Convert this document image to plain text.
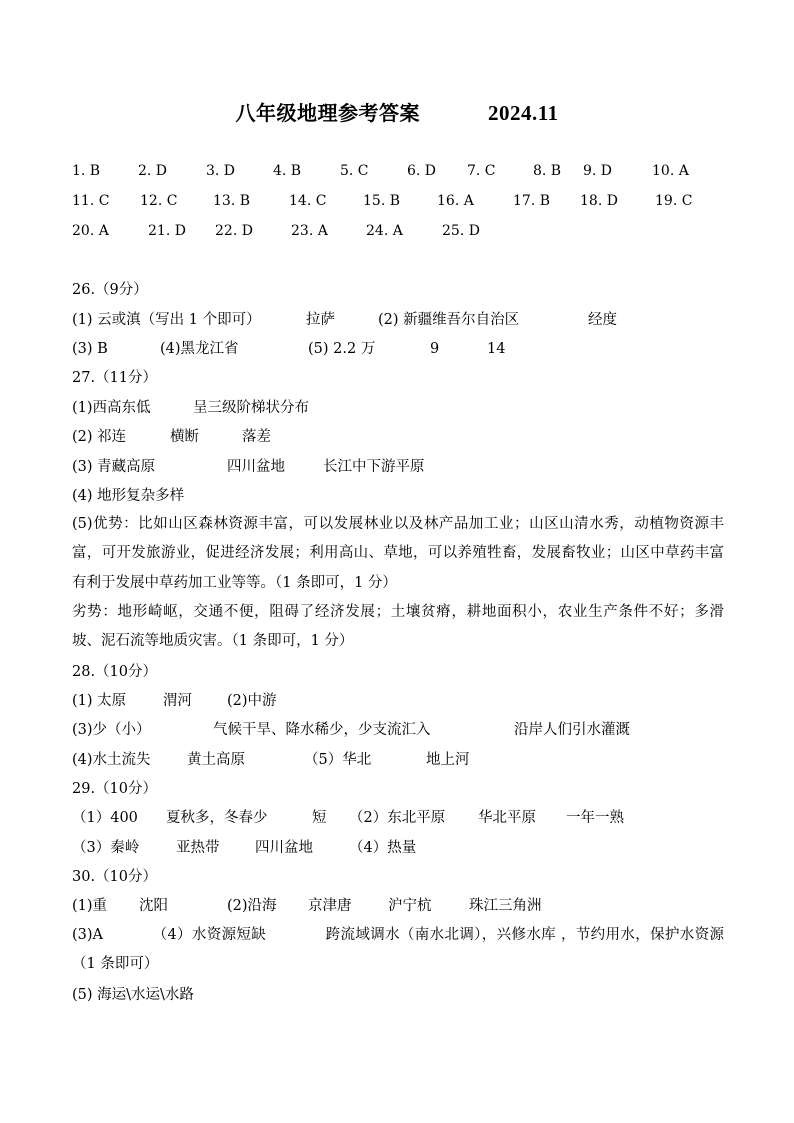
八年级地理参考答案	2024.11
1. B	2. D	3. D	4. B	5. C	6. D 7. C	8. B 9. D	10. A
11. C 12. C	13. B	14. C	15. B	16. A	17. B 18. D	19. C
20. A	21. D 22. D	23. A	24. A	25. D
26.（9分）
(1) 云或滇（写出 1 个即可）	拉萨	(2) 新疆维吾尔自治区	经度
(3) B	(4)黑龙江省	(5) 2.2 万	9	14
27.（11分）
(1)西高东低	呈三级阶梯状分布
(2) 祁连	横断	落差
(3) 青藏高原	四川盆地	长江中下游平原
(4) 地形复杂多样
(5)优势：比如山区森林资源丰富，可以发展林业以及林产品加工业；山区山清水秀，动植物资源丰富，可开发旅游业，促进经济发展；利用高山、草地，可以养殖牲畜，发展畜牧业；山区中草药丰富有利于发展中草药加工业等等。（1 条即可，1 分）
劣势：地形崎岖，交通不便，阻碍了经济发展；土壤贫瘠，耕地面积小，农业生产条件不好；多滑坡、泥石流等地质灾害。（1 条即可，1 分）
28.（10分）
(1) 太原	渭河 (2)中游
(3)少（小）	气候干旱、降水稀少，少支流汇入	沿岸人们引水灌溉
(4)水土流失	黄土高原	（5）华北	地上河
29.（10分）
（1）400 夏秋多，冬春少	短 （2）东北平原 华北平原 一年一熟
（3）秦岭	亚热带 四川盆地 （4）热量
30.（10分）
(1)重 沈阳	(2)沿海 京津唐	沪宁杭	珠江三角洲
(3)A          （4）水资源短缺            跨流域调水（南水北调），兴修水库 ，节约用水，保护水资源（1 条即可）
(5) 海运\水运\水路
